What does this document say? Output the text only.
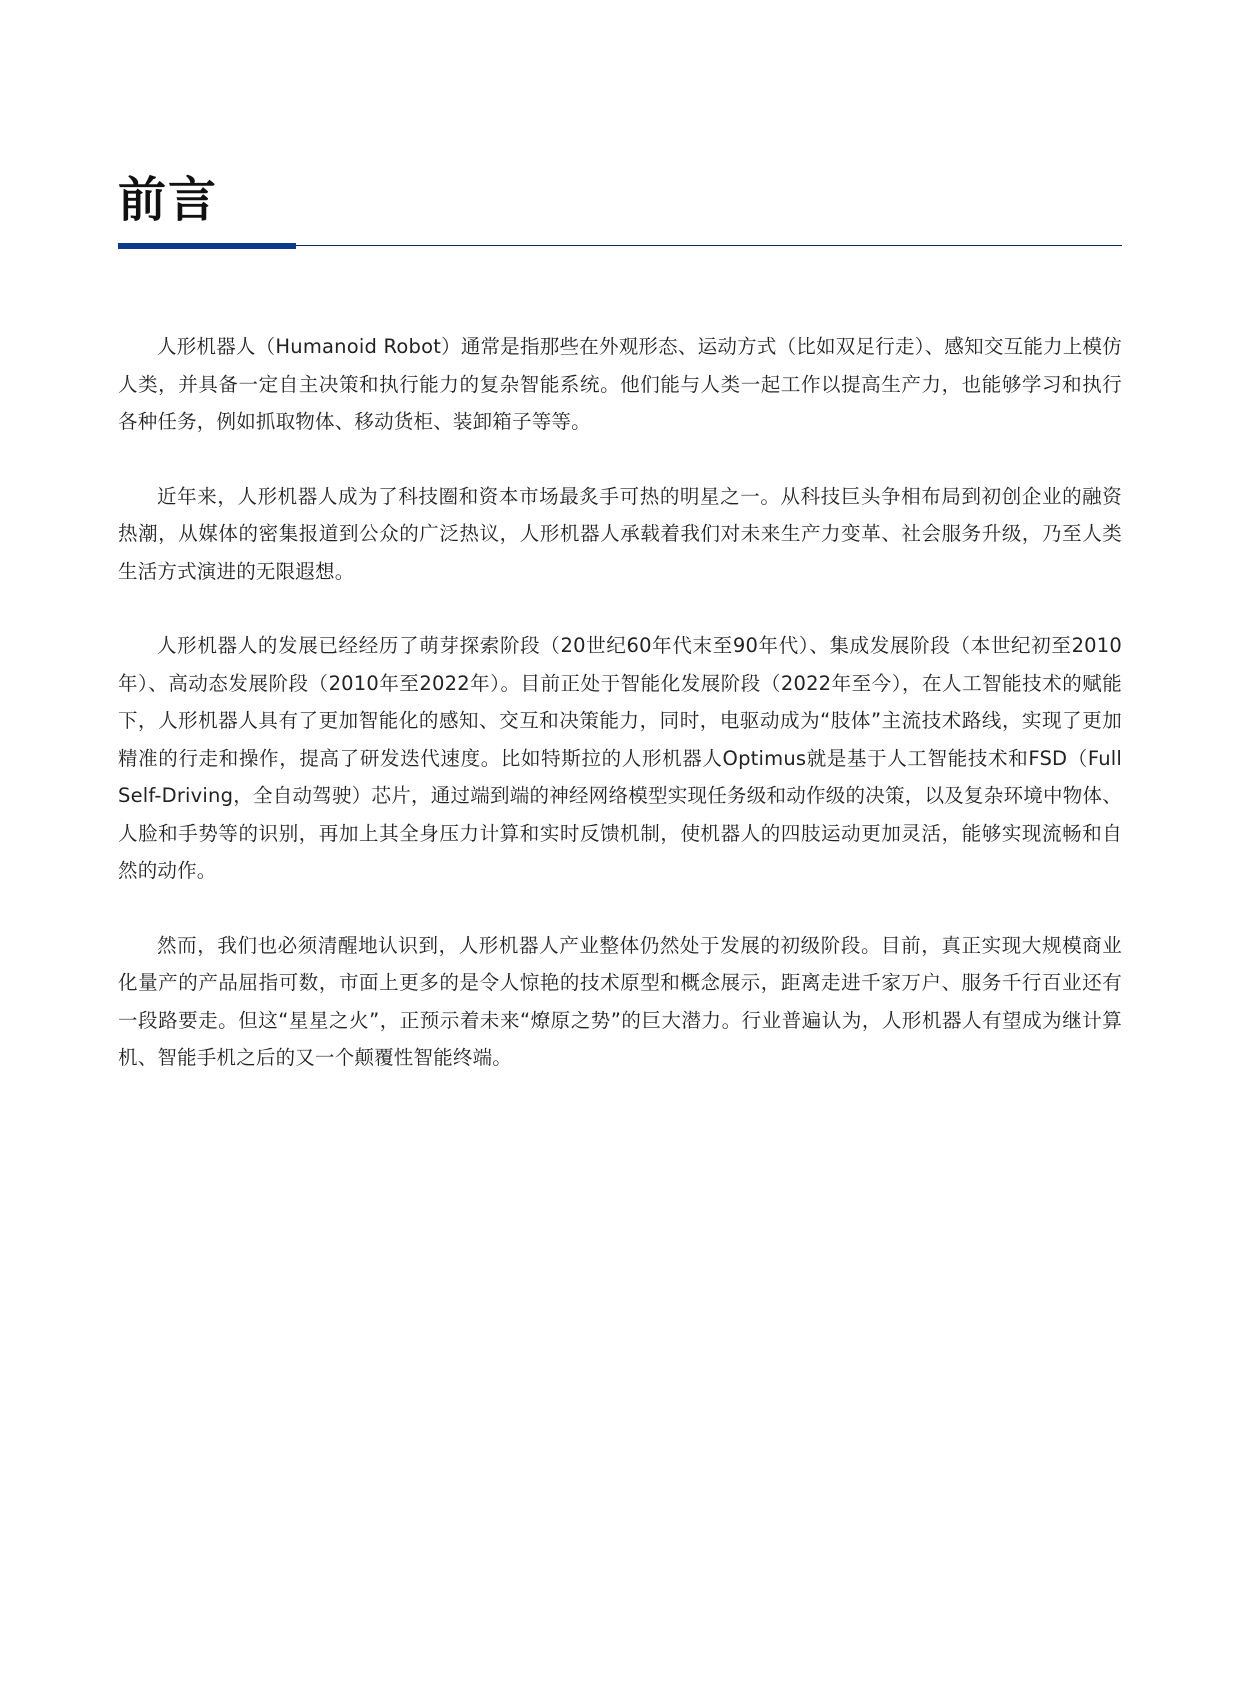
前言

人形机器人（Humanoid Robot）通常是指那些在外观形态、运动方式（比如双足行走）、感知交互能力上模仿人类，并具备一定自主决策和执行能力的复杂智能系统。他们能与人类一起工作以提高生产力，也能够学习和执行各种任务，例如抓取物体、移动货柜、装卸箱子等等。

近年来，人形机器人成为了科技圈和资本市场最炙手可热的明星之一。从科技巨头争相布局到初创企业的融资热潮，从媒体的密集报道到公众的广泛热议，人形机器人承载着我们对未来生产力变革、社会服务升级，乃至人类生活方式演进的无限遐想。

人形机器人的发展已经经历了萌芽探索阶段（20世纪60年代末至90年代）、集成发展阶段（本世纪初至2010年）、高动态发展阶段（2010年至2022年）。目前正处于智能化发展阶段（2022年至今），在人工智能技术的赋能下，人形机器人具有了更加智能化的感知、交互和决策能力，同时，电驱动成为“肢体”主流技术路线，实现了更加精准的行走和操作，提高了研发迭代速度。比如特斯拉的人形机器人Optimus就是基于人工智能技术和FSD（Full Self-Driving，全自动驾驶）芯片，通过端到端的神经网络模型实现任务级和动作级的决策，以及复杂环境中物体、人脸和手势等的识别，再加上其全身压力计算和实时反馈机制，使机器人的四肢运动更加灵活，能够实现流畅和自然的动作。

然而，我们也必须清醒地认识到，人形机器人产业整体仍然处于发展的初级阶段。目前，真正实现大规模商业化量产的产品屈指可数，市面上更多的是令人惊艳的技术原型和概念展示，距离走进千家万户、服务千行百业还有一段路要走。但这“星星之火”，正预示着未来“燎原之势”的巨大潜力。行业普遍认为，人形机器人有望成为继计算机、智能手机之后的又一个颠覆性智能终端。
